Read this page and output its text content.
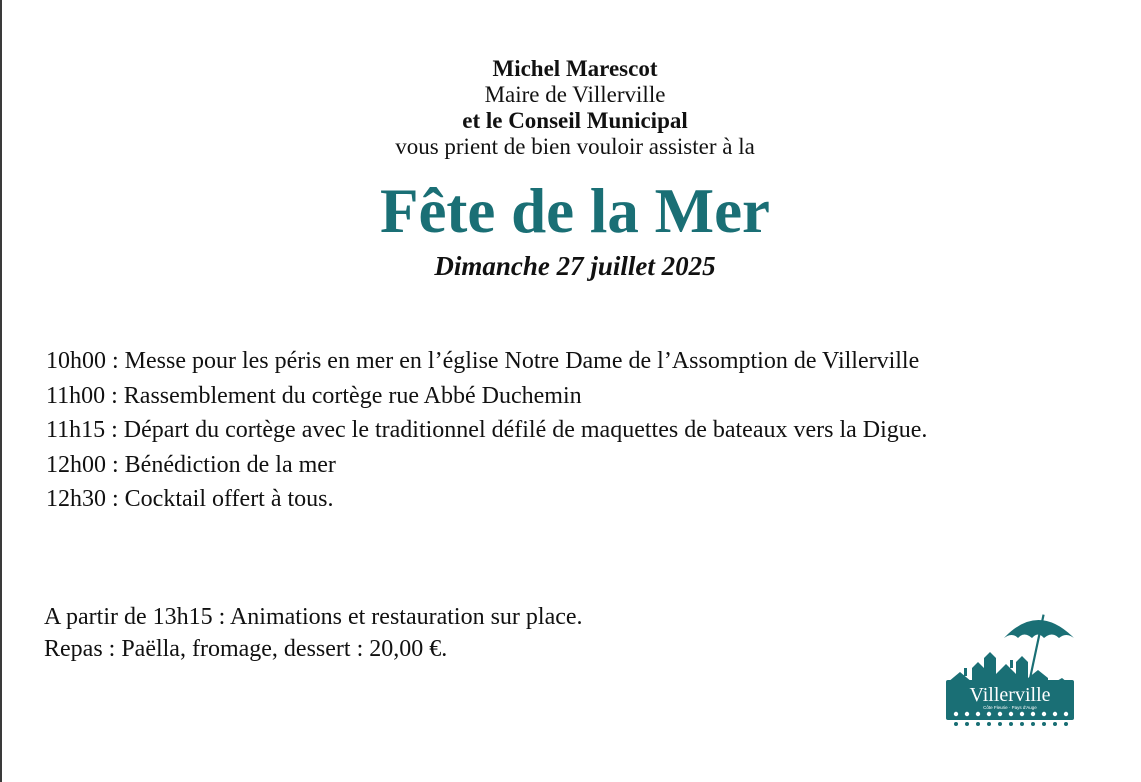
Michel Marescot
Maire de Villerville
et le Conseil Municipal
vous prient de bien vouloir assister à la
Fête de la Mer
Dimanche 27 juillet 2025
10h00 : Messe pour les péris en mer en l’église Notre Dame de l’Assomption de Villerville
11h00 : Rassemblement du cortège rue Abbé Duchemin
11h15 : Départ du cortège avec le traditionnel défilé de maquettes de bateaux vers la Digue.
12h00 : Bénédiction de la mer
12h30 : Cocktail offert à tous.
A partir de 13h15 : Animations et restauration sur place.
Repas : Paëlla, fromage, dessert : 20,00 €.
Villerville
Côte Fleurie · Pays d'Auge
